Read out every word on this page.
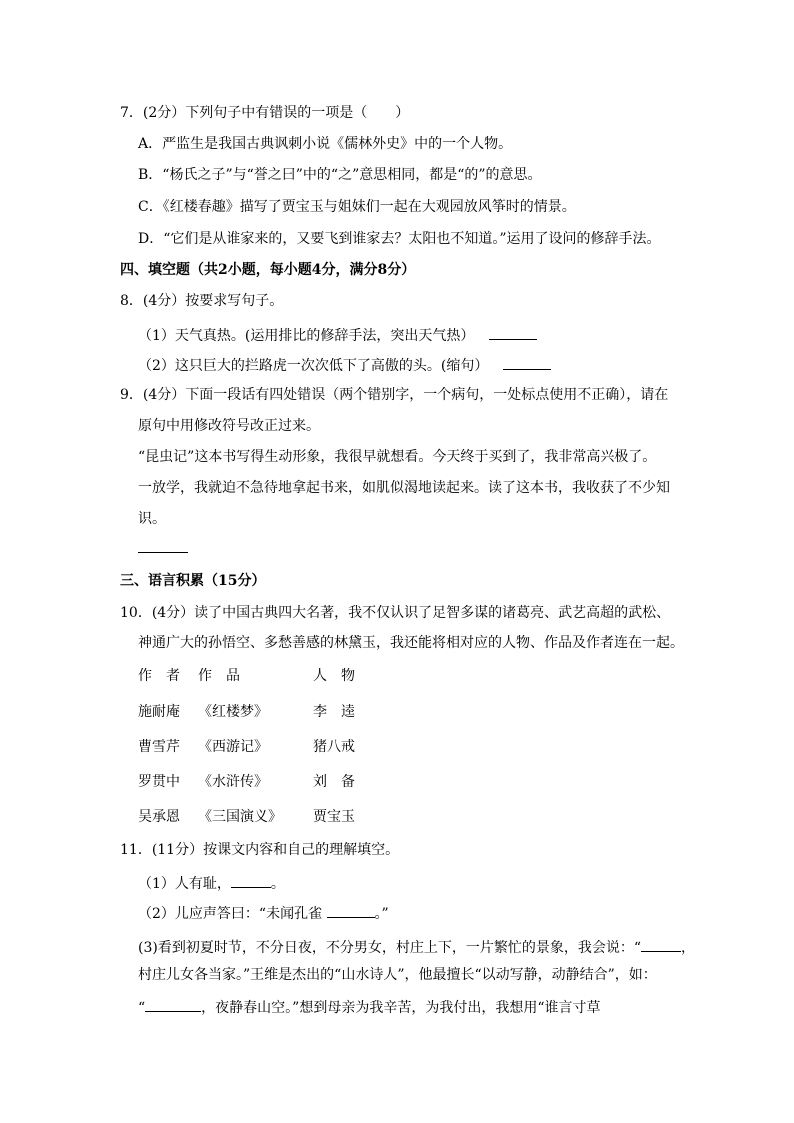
7．(2分）下列句子中有错误的一项是（　　）
A．严监生是我国古典讽刺小说《儒林外史》中的一个人物。
B．“杨氏之子”与“誉之曰”中的“之”意思相同，都是“的”的意思。
C．《红楼春趣》描写了贾宝玉与姐妹们一起在大观园放风筝时的情景。
D．“它们是从谁家来的，又要飞到谁家去？太阳也不知道。”运用了设问的修辞手法。
四、填空题（共2小题，每小题4分，满分8分）
8．(4分）按要求写句子。
（1）天气真热。(运用排比的修辞手法，突出天气热）
（2）这只巨大的拦路虎一次次低下了高傲的头。(缩句）
9．(4分）下面一段话有四处错误（两个错别字，一个病句，一处标点使用不正确），请在
原句中用修改符号改正过来。
“昆虫记”这本书写得生动形象，我很早就想看。今天终于买到了，我非常高兴极了。
一放学，我就迫不急待地拿起书来，如肌似渴地读起来。读了这本书，我收获了不少知
识。
三、语言积累（15分）
10．(4分）读了中国古典四大名著，我不仅认识了足智多谋的诸葛亮、武艺高超的武松、
神通广大的孙悟空、多愁善感的林黛玉，我还能将相对应的人物、作品及作者连在一起。
作　者 作　品	人　物
施耐庵 《红楼梦》	李　逵
曹雪芹 《西游记》	猪八戒
罗贯中 《水浒传》	刘　备
吴承恩 《三国演义》 贾宝玉
11．(11分）按课文内容和自己的理解填空。
（1）人有耻，	。
（2）儿应声答曰：“未闻孔雀	。”
(3)看到初夏时节，不分日夜，不分男女，村庄上下，一片繁忙的景象，我会说：“	，
村庄儿女各当家。”王维是杰出的“山水诗人”，他最擅长“以动写静，动静结合”，如：
“	，夜静春山空。”想到母亲为我辛苦，为我付出，我想用“谁言寸草
